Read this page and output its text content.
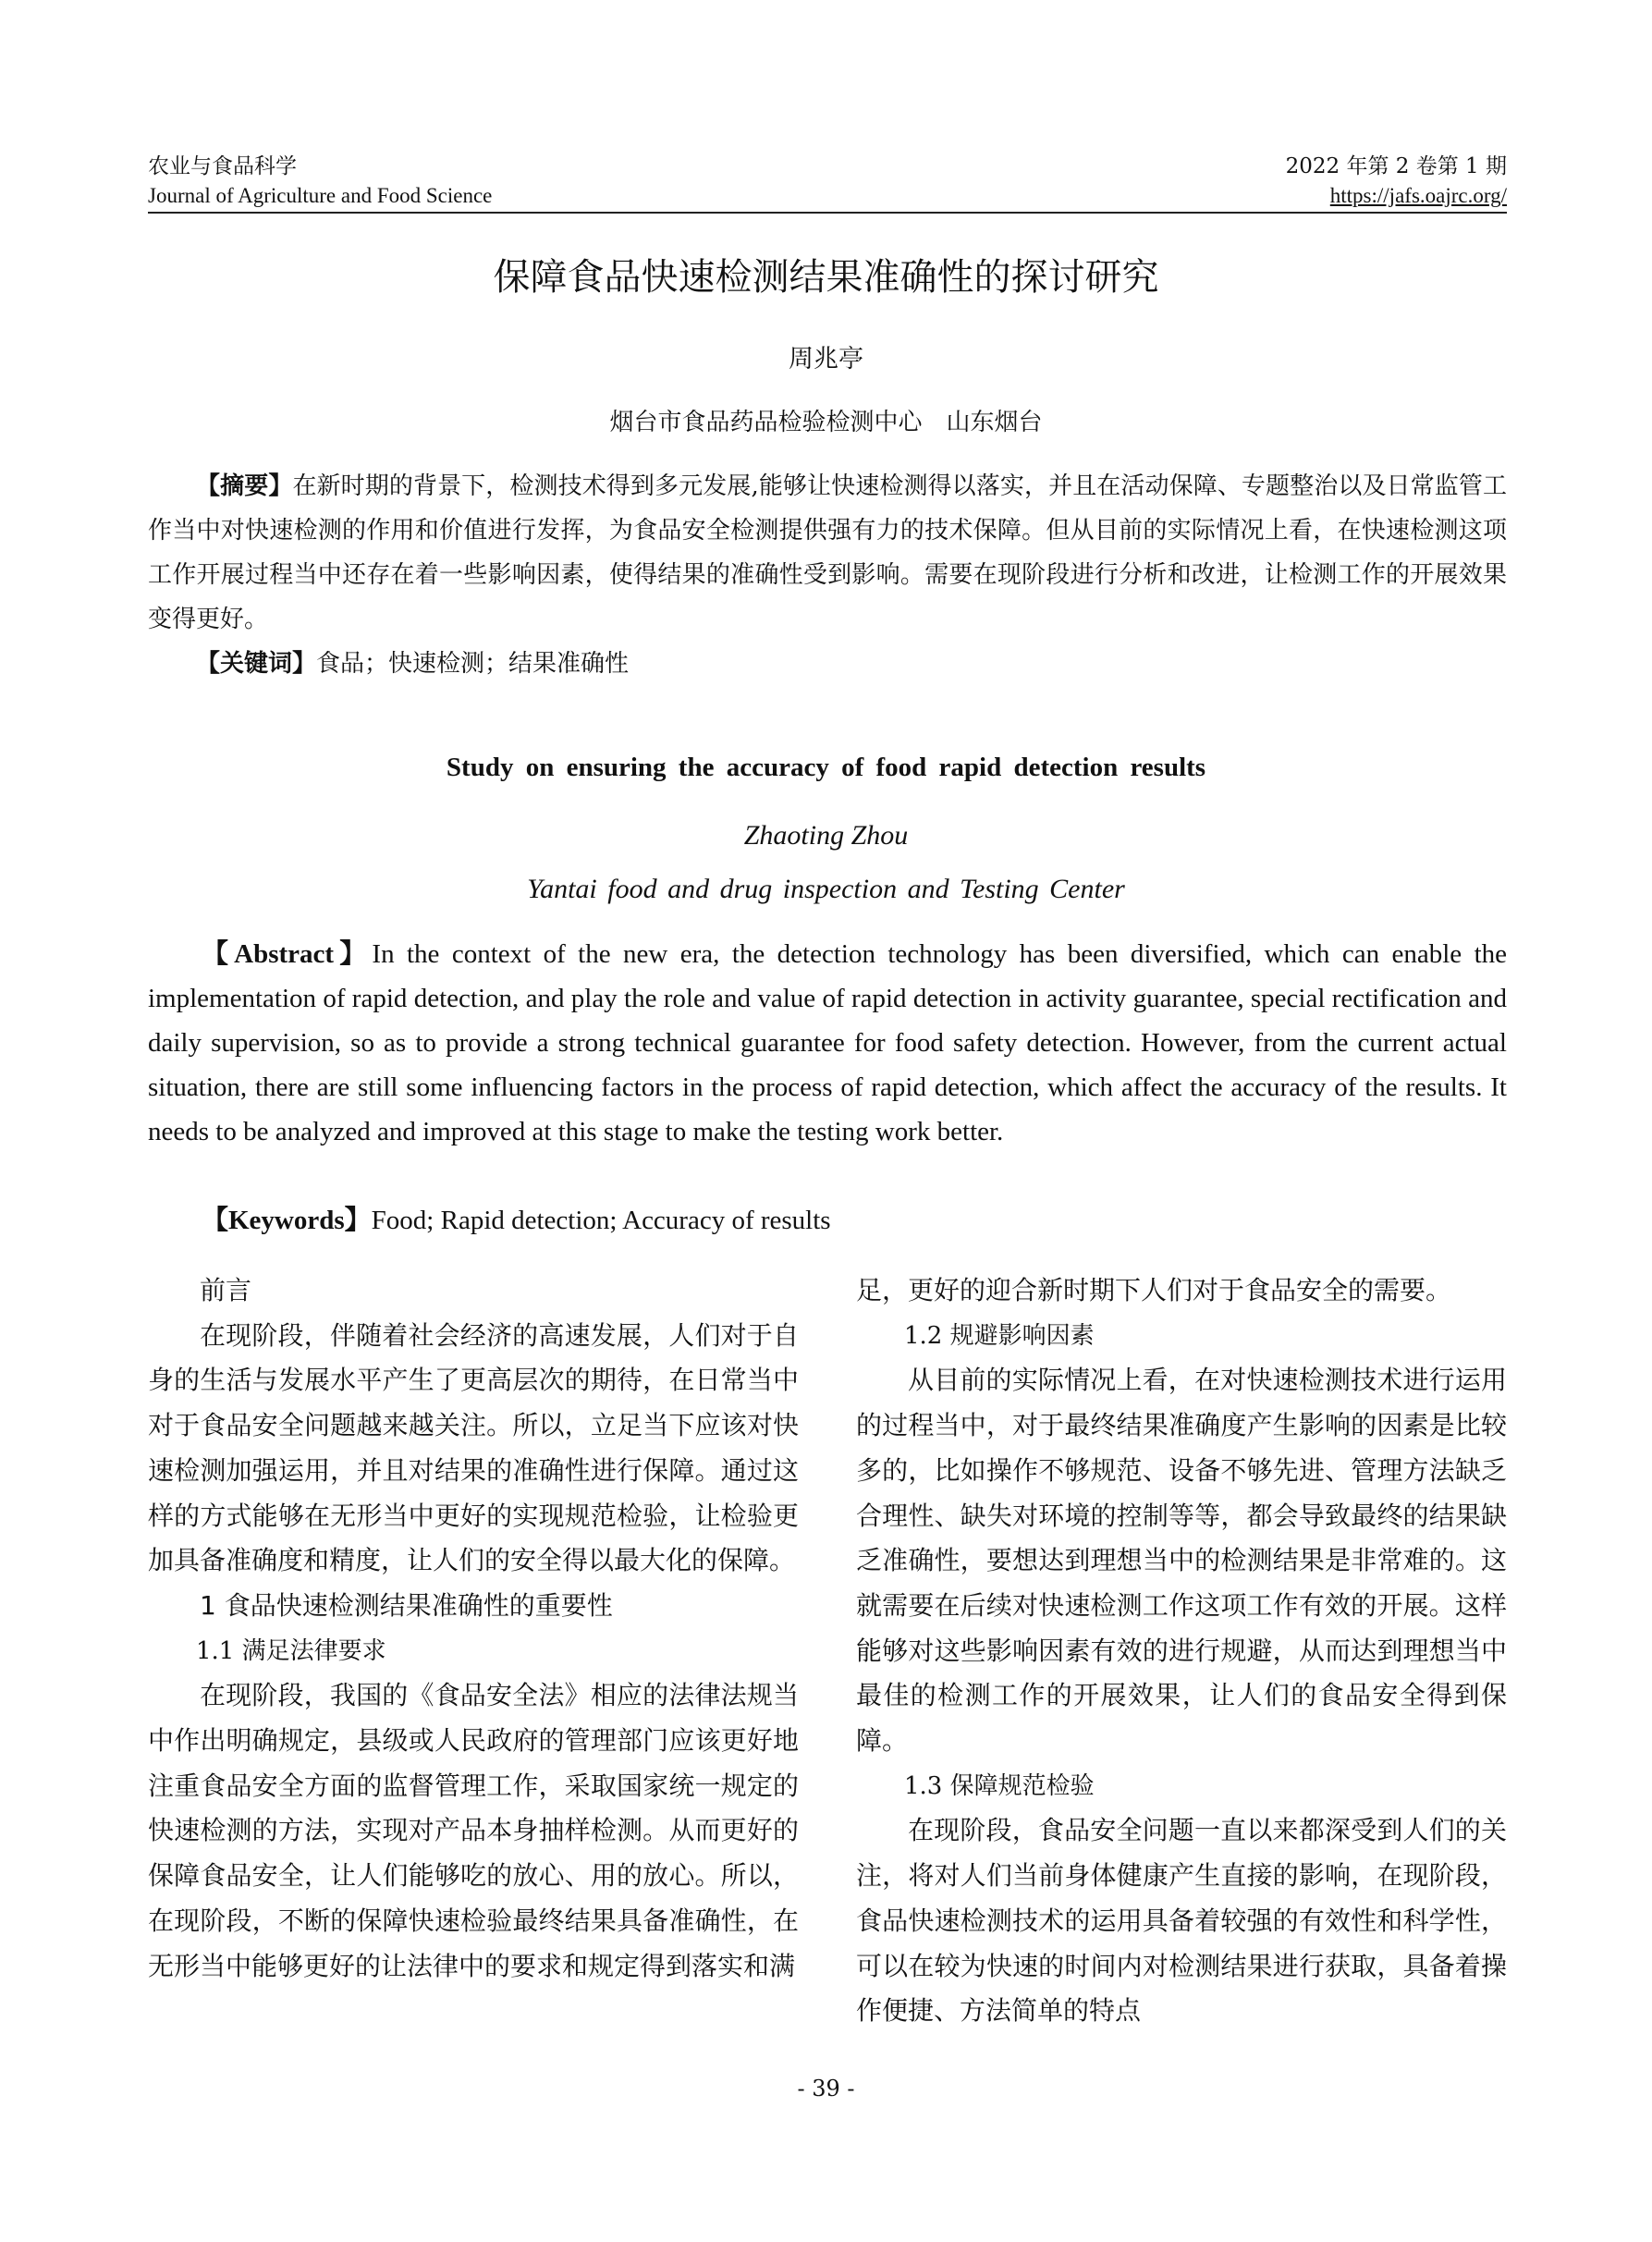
农业与食品科学
Journal of Agriculture and Food Science
2022 年第 2 卷第 1 期
https://jafs.oajrc.org/
保障食品快速检测结果准确性的探讨研究
周兆亭
烟台市食品药品检验检测中心　山东烟台
【摘要】在新时期的背景下，检测技术得到多元发展,能够让快速检测得以落实，并且在活动保障、专题整治以及日常监管工作当中对快速检测的作用和价值进行发挥，为食品安全检测提供强有力的技术保障。但从目前的实际情况上看，在快速检测这项工作开展过程当中还存在着一些影响因素，使得结果的准确性受到影响。需要在现阶段进行分析和改进，让检测工作的开展效果变得更好。
【关键词】食品；快速检测；结果准确性
Study on ensuring the accuracy of food rapid detection results
Zhaoting Zhou
Yantai food and drug inspection and Testing Center
【Abstract】In the context of the new era, the detection technology has been diversified, which can enable the implementation of rapid detection, and play the role and value of rapid detection in activity guarantee, special rectification and daily supervision, so as to provide a strong technical guarantee for food safety detection. However, from the current actual situation, there are still some influencing factors in the process of rapid detection, which affect the accuracy of the results. It needs to be analyzed and improved at this stage to make the testing work better.
【Keywords】Food; Rapid detection; Accuracy of results
前言

在现阶段，伴随着社会经济的高速发展，人们对于自身的生活与发展水平产生了更高层次的期待，在日常当中对于食品安全问题越来越关注。所以，立足当下应该对快速检测加强运用，并且对结果的准确性进行保障。通过这样的方式能够在无形当中更好的实现规范检验，让检验更加具备准确度和精度，让人们的安全得以最大化的保障。

1 食品快速检测结果准确性的重要性
1.1 满足法律要求

在现阶段，我国的《食品安全法》相应的法律法规当中作出明确规定，县级或人民政府的管理部门应该更好地注重食品安全方面的监督管理工作，采取国家统一规定的快速检测的方法，实现对产品本身抽样检测。从而更好的保障食品安全，让人们能够吃的放心、用的放心。所以，在现阶段，不断的保障快速检验最终结果具备准确性，在无形当中能够更好的让法律中的要求和规定得到落实和满

足，更好的迎合新时期下人们对于食品安全的需要。

1.2 规避影响因素

从目前的实际情况上看，在对快速检测技术进行运用的过程当中，对于最终结果准确度产生影响的因素是比较多的，比如操作不够规范、设备不够先进、管理方法缺乏合理性、缺失对环境的控制等等，都会导致最终的结果缺乏准确性，要想达到理想当中的检测结果是非常难的。这就需要在后续对快速检测工作这项工作有效的开展。这样能够对这些影响因素有效的进行规避，从而达到理想当中最佳的检测工作的开展效果，让人们的食品安全得到保障。

1.3 保障规范检验

在现阶段，食品安全问题一直以来都深受到人们的关注，将对人们当前身体健康产生直接的影响，在现阶段，食品快速检测技术的运用具备着较强的有效性和科学性，可以在较为快速的时间内对检测结果进行获取，具备着操作便捷、方法简单的特点

- 39 -
